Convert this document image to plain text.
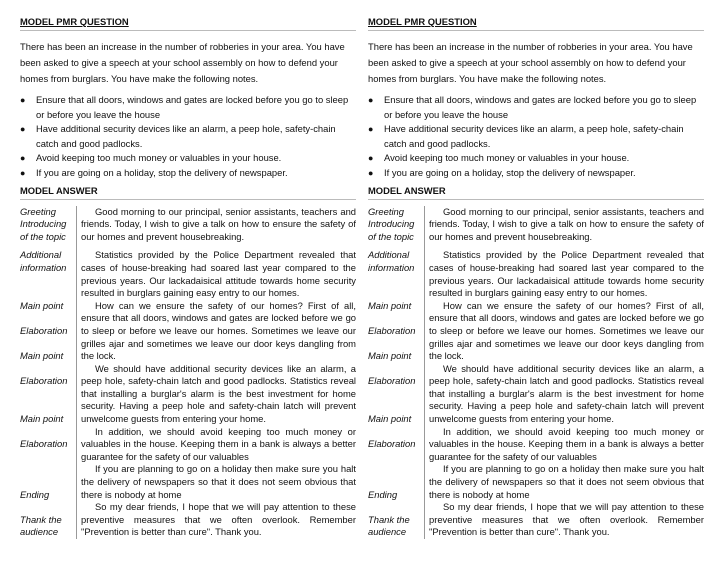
MODEL PMR QUESTION
There has been an increase in the number of robberies in your area. You have been asked to give a speech at your school assembly on how to defend your homes from burglars. You have make the following notes.
● Ensure that all doors, windows and gates are locked before you go to sleep or before you leave the house
● Have additional security devices like an alarm, a peep hole, safety-chain catch and good padlocks.
● Avoid keeping too much money or valuables in your house.
● If you are going on a holiday, stop the delivery of newspaper.
MODEL ANSWER
Greeting
Introducing
of the topic
Additional
information

Main point

Elaboration

Main point

Elaboration

Main point

Elaboration

Ending

Thank the
audience

Good morning to our principal, senior assistants, teachers and friends. Today, I wish to give a talk on how to ensure the safety of our homes and prevent housebreaking.

Statistics provided by the Police Department revealed that cases of house-breaking had soared last year compared to the previous years. Our lackadaisical attitude towards home security resulted in burglars gaining easy entry to our homes.

How can we ensure the safety of our homes? First of all, ensure that all doors, windows and gates are locked before we go to sleep or before we leave our homes. Sometimes we leave our grilles ajar and sometimes we leave our door keys dangling from the lock.

We should have additional security devices like an alarm, a peep hole, safety-chain latch and good padlocks. Statistics reveal that installing a burglar's alarm is the best investment for home security. Having a peep hole and safety-chain latch will prevent unwelcome guests from entering your home.

In addition, we should avoid keeping too much money or valuables in the house. Keeping them in a bank is always a better guarantee for the safety of our valuables

If you are planning to go on a holiday then make sure you halt the delivery of newspapers so that it does not seem obvious that there is nobody at home

So my dear friends, I hope that we will pay attention to these preventive measures that we often overlook. Remember "Prevention is better than cure". Thank you.

MODEL PMR QUESTION
There has been an increase in the number of robberies in your area. You have been asked to give a speech at your school assembly on how to defend your homes from burglars. You have make the following notes.
● Ensure that all doors, windows and gates are locked before you go to sleep or before you leave the house
● Have additional security devices like an alarm, a peep hole, safety-chain catch and good padlocks.
● Avoid keeping too much money or valuables in your house.
● If you are going on a holiday, stop the delivery of newspaper.
MODEL ANSWER
Greeting
Introducing
of the topic
Additional
information

Main point

Elaboration

Main point

Elaboration

Main point

Elaboration

Ending

Thank the
audience

Good morning to our principal, senior assistants, teachers and friends. Today, I wish to give a talk on how to ensure the safety of our homes and prevent housebreaking.

Statistics provided by the Police Department revealed that cases of house-breaking had soared last year compared to the previous years. Our lackadaisical attitude towards home security resulted in burglars gaining easy entry to our homes.

How can we ensure the safety of our homes? First of all, ensure that all doors, windows and gates are locked before we go to sleep or before we leave our homes. Sometimes we leave our grilles ajar and sometimes we leave our door keys dangling from the lock.

We should have additional security devices like an alarm, a peep hole, safety-chain latch and good padlocks. Statistics reveal that installing a burglar's alarm is the best investment for home security. Having a peep hole and safety-chain latch will prevent unwelcome guests from entering your home.

In addition, we should avoid keeping too much money or valuables in the house. Keeping them in a bank is always a better guarantee for the safety of our valuables

If you are planning to go on a holiday then make sure you halt the delivery of newspapers so that it does not seem obvious that there is nobody at home

So my dear friends, I hope that we will pay attention to these preventive measures that we often overlook. Remember "Prevention is better than cure". Thank you.
